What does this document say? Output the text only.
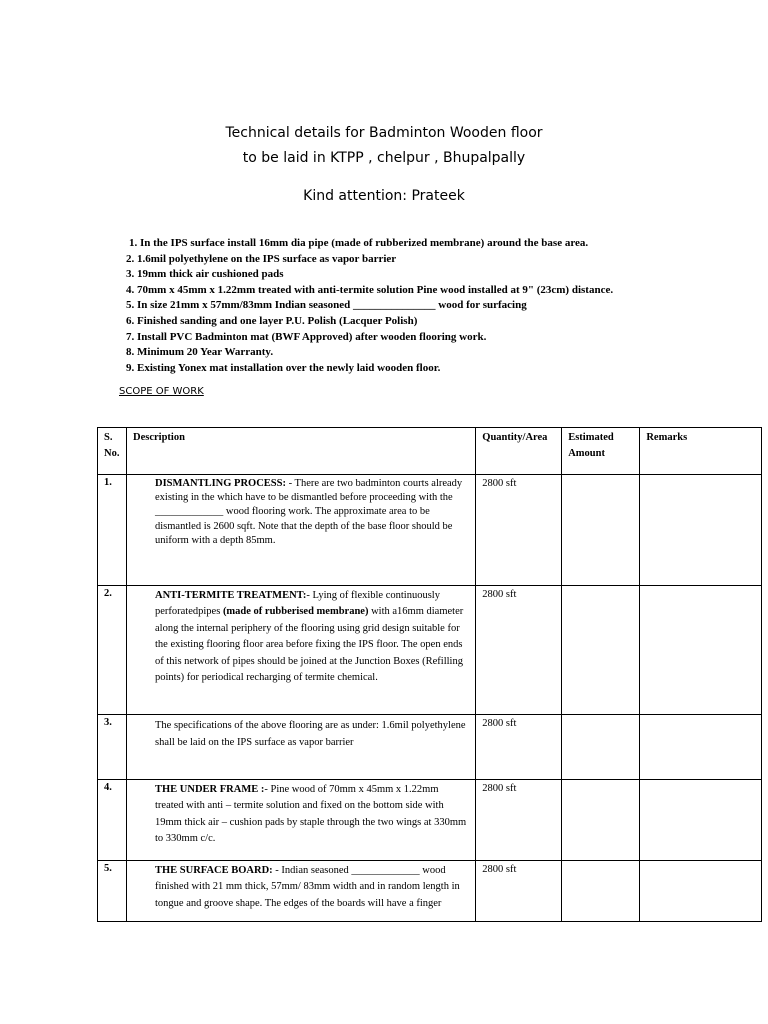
Technical details for Badminton Wooden floor
to be laid in KTPP , chelpur , Bhupalpally
Kind attention: Prateek
1. In the IPS surface install 16mm dia pipe (made of rubberized membrane) around the base area.
2. 1.6mil polyethylene on the IPS surface as vapor barrier
3. 19mm thick air cushioned pads
4. 70mm x 45mm x 1.22mm treated with anti-termite solution Pine wood installed at 9" (23cm) distance.
5. In size 21mm x 57mm/83mm Indian seasoned _______________ wood for surfacing
6. Finished sanding and one layer P.U. Polish (Lacquer Polish)
7. Install PVC Badminton mat (BWF Approved) after wooden flooring work.
8. Minimum 20 Year Warranty.
9. Existing Yonex mat installation over the newly laid wooden floor.
SCOPE OF WORK
S. No.	Description	Quantity/Area	Estimated Amount	Remarks
1.	DISMANTLING PROCESS: - There are two badminton courts already existing in the which have to be dismantled before proceeding with the _____________ wood flooring work. The approximate area to be dismantled is 2600 sqft. Note that the depth of the base floor should be uniform with a depth 85mm.	2800 sft		
2.	ANTI-TERMITE TREATMENT:- Lying of flexible continuously perforatedpipes (made of rubberised membrane) with a16mm diameter along the internal periphery of the flooring using grid design suitable for the existing flooring floor area before fixing the IPS floor. The open ends of this network of pipes should be joined at the Junction Boxes (Refilling points) for periodical recharging of termite chemical.	2800 sft		
3.	The specifications of the above flooring are as under: 1.6mil polyethylene shall be laid on the IPS surface as vapor barrier	2800 sft		
4.	THE UNDER FRAME :- Pine wood of 70mm x 45mm x 1.22mm treated with anti – termite solution and fixed on the bottom side with 19mm thick air – cushion pads by staple through the two wings at 330mm to 330mm c/c.	2800 sft		
5.	THE SURFACE BOARD: - Indian seasoned _____________ wood finished with 21 mm thick, 57mm/ 83mm width and in random length in tongue and groove shape. The edges of the boards will have a finger	2800 sft		
